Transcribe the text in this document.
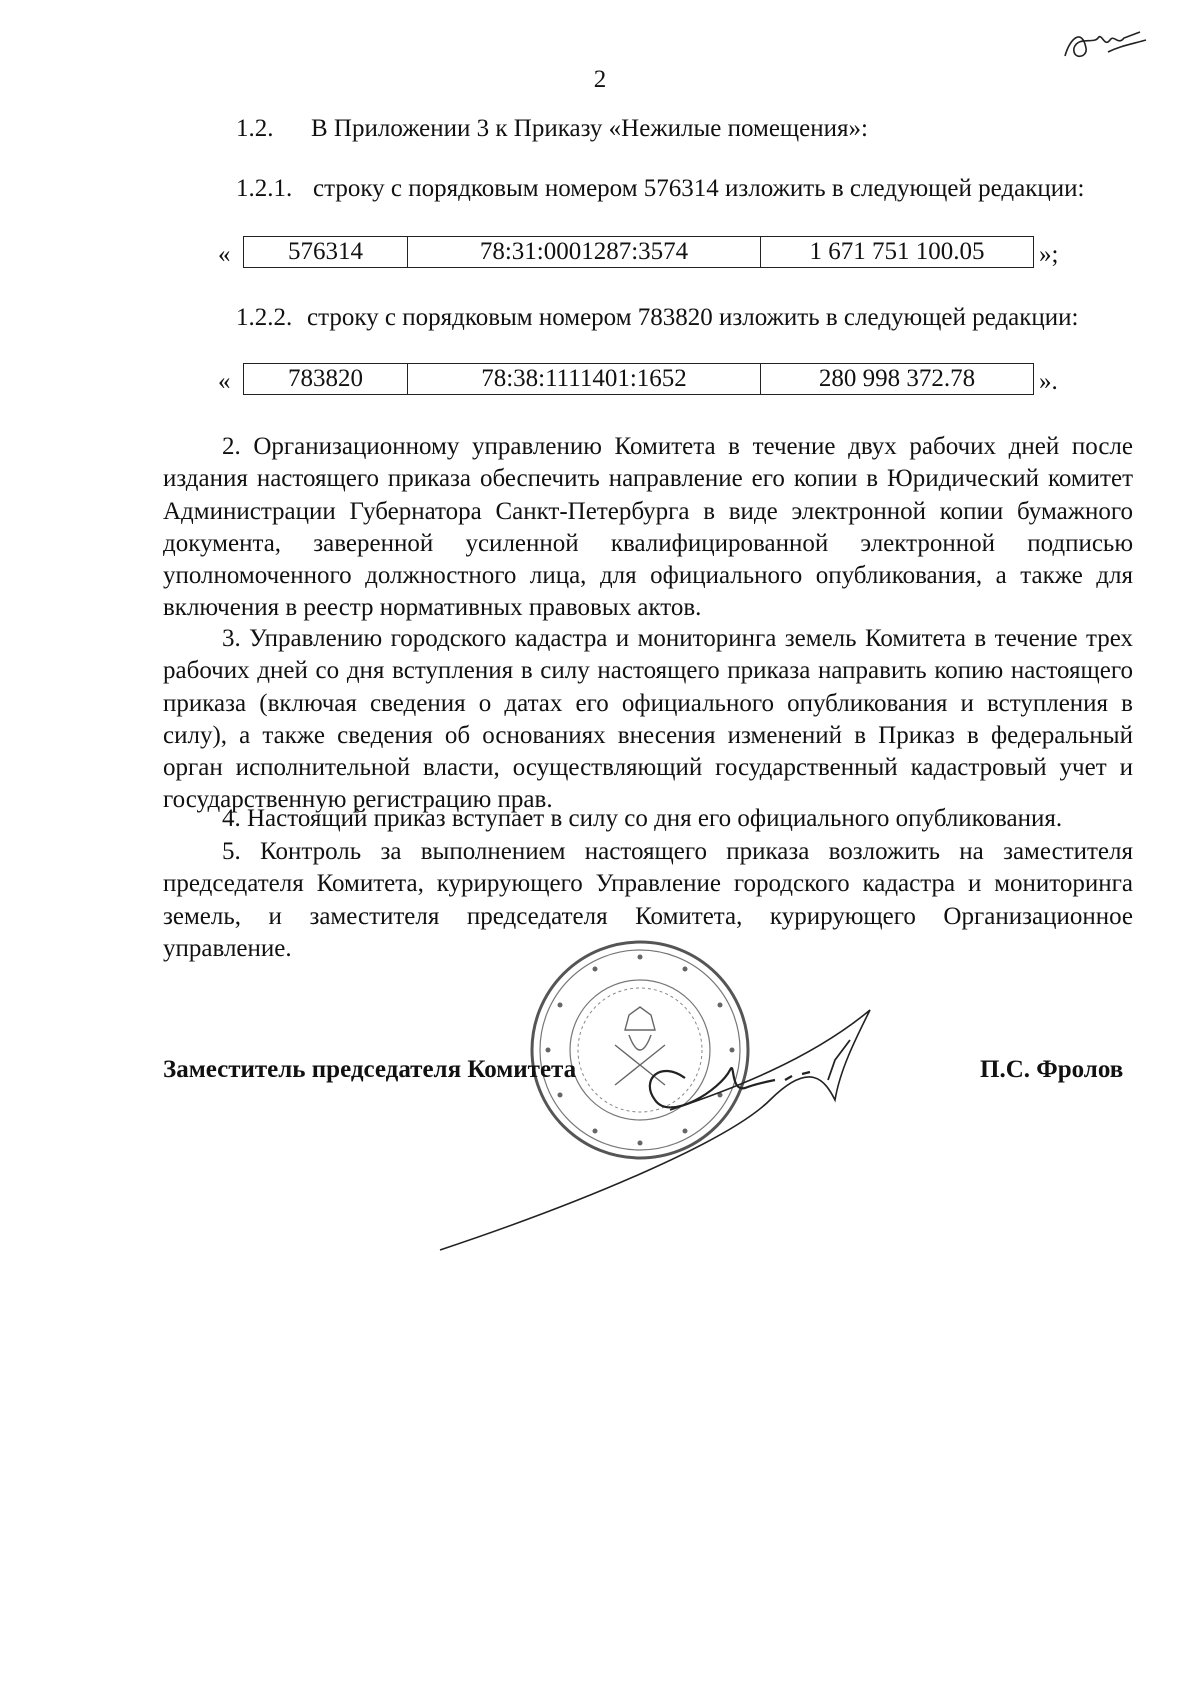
2
1.2. В Приложении 3 к Приказу «Нежилые помещения»:
1.2.1. строку с порядковым номером 576314 изложить в следующей редакции:
« 576314	78:31:0001287:3574	1 671 751 100.05 »;
1.2.2. строку с порядковым номером 783820 изложить в следующей редакции:
« 783820	78:38:1111401:1652	280 998 372.78	».

2. Организационному управлению Комитета в течение двух рабочих дней после издания настоящего приказа обеспечить направление его копии в Юридический комитет Администрации Губернатора Санкт-Петербурга в виде электронной копии бумажного документа, заверенной усиленной квалифицированной электронной подписью уполномоченного должностного лица, для официального опубликования, а также для включения в реестр нормативных правовых актов.

3. Управлению городского кадастра и мониторинга земель Комитета в течение трех рабочих дней со дня вступления в силу настоящего приказа направить копию настоящего приказа (включая сведения о датах его официального опубликования и вступления в силу), а также сведения об основаниях внесения изменений в Приказ в федеральный орган исполнительной власти, осуществляющий государственный кадастровый учет и государственную регистрацию прав.

4. Настоящий приказ вступает в силу со дня его официального опубликования.

5. Контроль за выполнением настоящего приказа возложить на заместителя председателя Комитета, курирующего Управление городского кадастра и мониторинга земель, и заместителя председателя Комитета, курирующего Организационное управление.

Заместитель председателя Комитета	П.С. Фролов
